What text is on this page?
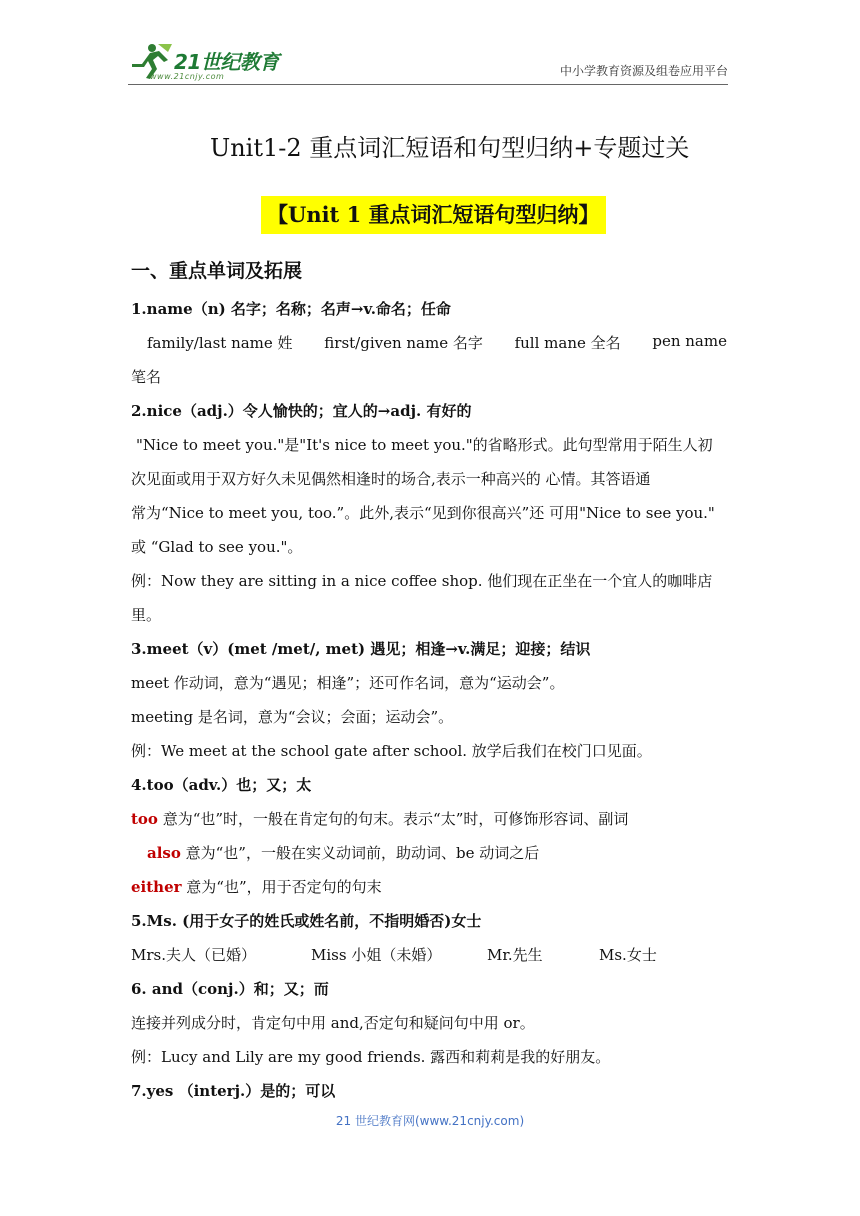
21世纪教育
www.21cnjy.com	中小学教育资源及组卷应用平台
Unit1-2 重点词汇短语和句型归纳+专题过关
【Unit 1 重点词汇短语句型归纳】
一、重点单词及拓展
1.name（n) 名字；名称；名声→v.命名；任命
family/last name 姓 first/given name 名字 full mane 全名 pen name
笔名
2.nice（adj.）令人愉快的；宜人的→adj. 有好的
"Nice to meet you."是"It's nice to meet you."的省略形式。此句型常用于陌生人初
次见面或用于双方好久未见偶然相逢时的场合,表示一种高兴的 心情。其答语通
常为“Nice to meet you, too.”。此外,表示“见到你很高兴”还 可用"Nice to see you."
或 “Glad to see you."。
例：Now they are sitting in a nice coffee shop. 他们现在正坐在一个宜人的咖啡店
里。
3.meet（v）(met /met/, met) 遇见；相逢→v.满足；迎接；结识
meet 作动词，意为“遇见；相逢”；还可作名词，意为“运动会”。
meeting 是名词，意为“会议；会面；运动会”。
例：We meet at the school gate after school. 放学后我们在校门口见面。
4.too（adv.）也；又；太
too 意为“也”时，一般在肯定句的句末。表示“太”时，可修饰形容词、副词
also 意为“也”，一般在实义动词前，助动词、be 动词之后
either 意为“也”，用于否定句的句末
5.Ms. (用于女子的姓氏或姓名前，不指明婚否)女士
Mrs.夫人（已婚）	Miss 小姐（未婚）	Mr.先生	Ms.女士
6. and（conj.）和；又；而
连接并列成分时，肯定句中用 and,否定句和疑问句中用 or。
例：Lucy and Lily are my good friends. 露西和莉莉是我的好朋友。
7.yes （interj.）是的；可以
21 世纪教育网(www.21cnjy.com)
